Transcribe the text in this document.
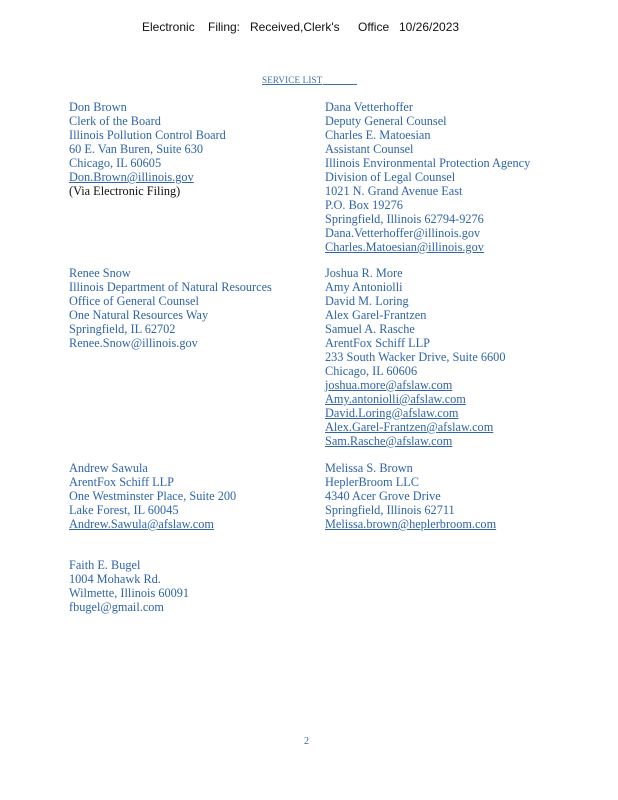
Electronic Filing: Received,Clerk's Office 10/26/2023
SERVICE LIST
Don Brown
Clerk of the Board
Illinois Pollution Control Board
60 E. Van Buren, Suite 630
Chicago, IL 60605
Don.Brown@illinois.gov
(Via Electronic Filing)
Renee Snow
Illinois Department of Natural Resources
Office of General Counsel
One Natural Resources Way
Springfield, IL 62702
Renee.Snow@illinois.gov
Andrew Sawula
ArentFox Schiff LLP
One Westminster Place, Suite 200
Lake Forest, IL 60045
Andrew.Sawula@afslaw.com
Faith E. Bugel
1004 Mohawk Rd.
Wilmette, Illinois 60091
fbugel@gmail.com
Dana Vetterhoffer
Deputy General Counsel
Charles E. Matoesian
Assistant Counsel
Illinois Environmental Protection Agency
Division of Legal Counsel
1021 N. Grand Avenue East
P.O. Box 19276
Springfield, Illinois 62794-9276
Dana.Vetterhoffer@illinois.gov
Charles.Matoesian@illinois.gov
Joshua R. More
Amy Antoniolli
David M. Loring
Alex Garel-Frantzen
Samuel A. Rasche
ArentFox Schiff LLP
233 South Wacker Drive, Suite 6600
Chicago, IL 60606
joshua.more@afslaw.com
Amy.antoniolli@afslaw.com
David.Loring@afslaw.com
Alex.Garel-Frantzen@afslaw.com
Sam.Rasche@afslaw.com
Melissa S. Brown
HeplerBroom LLC
4340 Acer Grove Drive
Springfield, Illinois 62711
Melissa.brown@heplerbroom.com
2
